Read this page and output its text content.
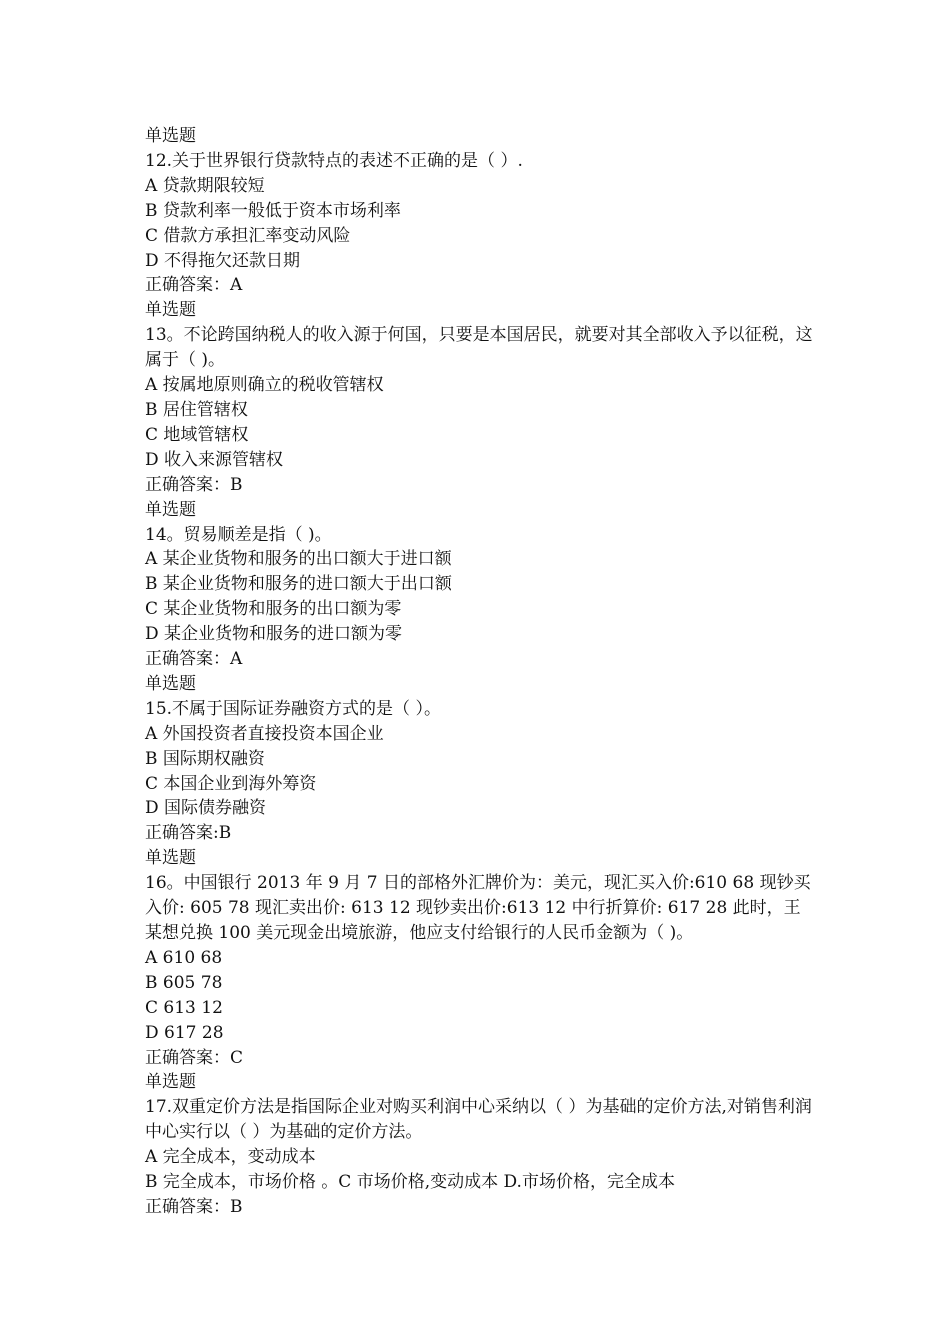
单选题

12.关于世界银行贷款特点的表述不正确的是（ ）.

A 贷款期限较短

B 贷款利率一般低于资本市场利率

C 借款方承担汇率变动风险

D 不得拖欠还款日期

正确答案：A

单选题

13。不论跨国纳税人的收入源于何国，只要是本国居民，就要对其全部收入予以征税，这属于（ )。

A 按属地原则确立的税收管辖权

B 居住管辖权

C 地域管辖权

D 收入来源管辖权

正确答案：B

单选题

14。贸易顺差是指（ )。

A 某企业货物和服务的出口额大于进口额

B 某企业货物和服务的进口额大于出口额

C 某企业货物和服务的出口额为零

D 某企业货物和服务的进口额为零

正确答案：A

单选题

15.不属于国际证券融资方式的是（ ）。

A 外国投资者直接投资本国企业

B 国际期权融资

C 本国企业到海外筹资

D 国际债券融资

正确答案:B

单选题

16。中国银行 2013 年 9 月 7 日的部格外汇牌价为：美元，现汇买入价:610 68 现钞买入价: 605 78 现汇卖出价: 613 12 现钞卖出价:613 12 中行折算价: 617 28 此时，王某想兑换 100 美元现金出境旅游，他应支付给银行的人民币金额为（ )。

A 610 68

B 605 78

C 613 12

D 617 28

正确答案：C

单选题

17.双重定价方法是指国际企业对购买利润中心采纳以（ ）为基础的定价方法,对销售利润中心实行以（ ）为基础的定价方法。

A 完全成本，变动成本

B 完全成本，市场价格 。C 市场价格,变动成本 D.市场价格，完全成本

正确答案：B
